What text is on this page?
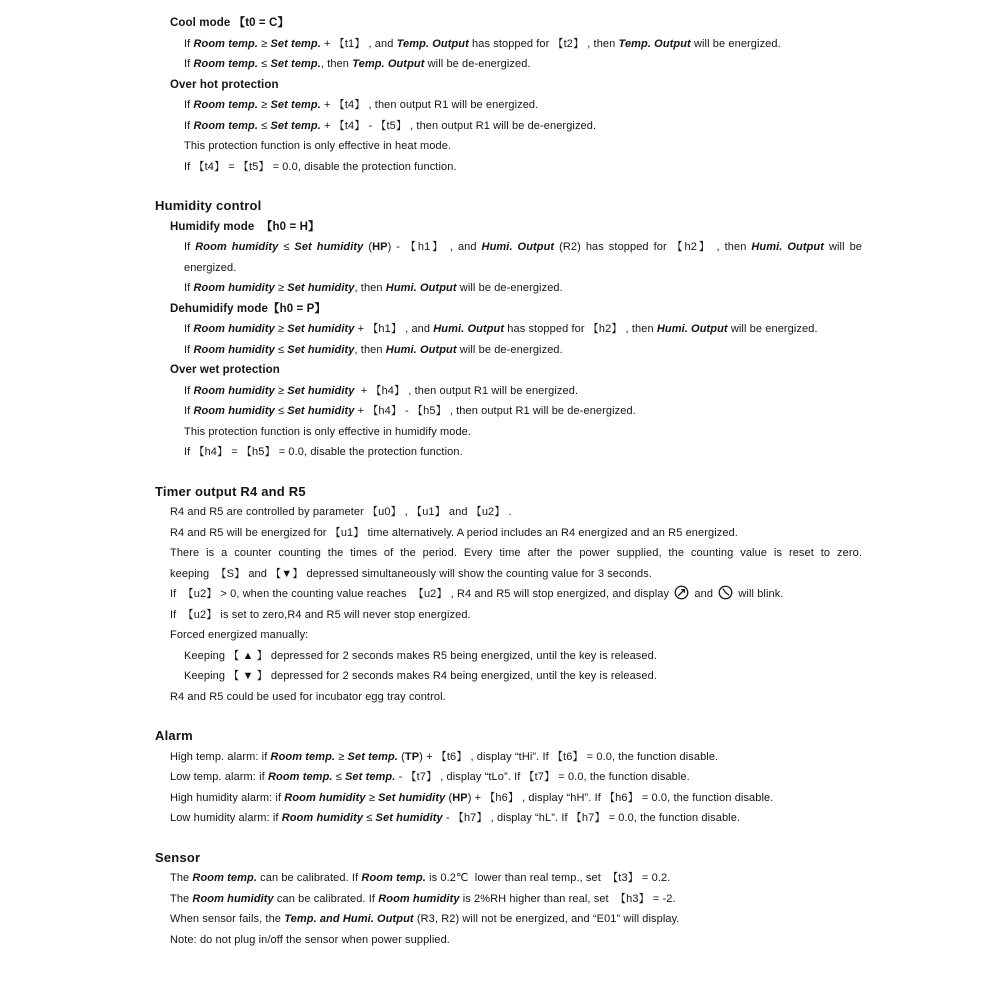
Cool mode 【t0 = C】
If Room temp. ≥ Set temp. + 【t1】 , and Temp. Output has stopped for 【t2】 , then Temp. Output will be energized.
If Room temp. ≤ Set temp., then Temp. Output will be de-energized.
Over hot protection
If Room temp. ≥ Set temp. + 【t4】 , then output R1 will be energized.
If Room temp. ≤ Set temp. + 【t4】 - 【t5】 , then output R1 will be de-energized.
This protection function is only effective in heat mode.
If 【t4】 = 【t5】 = 0.0, disable the protection function.
Humidity control
Humidify mode  【h0 = H】
If Room humidity ≤ Set humidity (HP) - 【h1】 , and Humi. Output (R2) has stopped for 【h2】 , then Humi. Output will be
energized.
If Room humidity ≥ Set humidity, then Humi. Output will be de-energized.
Dehumidify mode【h0 = P】
If Room humidity ≥ Set humidity + 【h1】 , and Humi. Output has stopped for 【h2】 , then Humi. Output will be energized.
If Room humidity ≤ Set humidity, then Humi. Output will be de-energized.
Over wet protection
If Room humidity ≥ Set humidity  + 【h4】 , then output R1 will be energized.
If Room humidity ≤ Set humidity + 【h4】 - 【h5】 , then output R1 will be de-energized.
This protection function is only effective in humidify mode.
If 【h4】 = 【h5】 = 0.0, disable the protection function.
Timer output R4 and R5
R4 and R5 are controlled by parameter 【u0】 , 【u1】 and 【u2】 .
R4 and R5 will be energized for 【u1】 time alternatively. A period includes an R4 energized and an R5 energized.
There is a counter counting the times of the period. Every time after the power supplied, the counting value is reset to zero.
keeping  【S】 and 【▼】 depressed simultaneously will show the counting value for 3 seconds.
If  【u2】 > 0, when the counting value reaches  【u2】 , R4 and R5 will stop energized, and display
and
will blink.
If  【u2】 is set to zero,R4 and R5 will never stop energized.
Forced energized manually:
Keeping 【 ▲ 】 depressed for 2 seconds makes R5 being energized, until the key is released.
Keeping 【 ▼ 】 depressed for 2 seconds makes R4 being energized, until the key is released.
R4 and R5 could be used for incubator egg tray control.
Alarm
High temp. alarm: if Room temp. ≥ Set temp. (TP) + 【t6】 , display “tHi”. If 【t6】 = 0.0, the function disable.
Low temp. alarm: if Room temp. ≤ Set temp. - 【t7】 , display “tLo”. If 【t7】 = 0.0, the function disable.
High humidity alarm: if Room humidity ≥ Set humidity (HP) + 【h6】 , display “hH”. If 【h6】 = 0.0, the function disable.
Low humidity alarm: if Room humidity ≤ Set humidity - 【h7】 , display “hL”. If 【h7】 = 0.0, the function disable.
Sensor
The Room temp. can be calibrated. If Room temp. is 0.2℃  lower than real temp., set  【t3】 = 0.2.
The Room humidity can be calibrated. If Room humidity is 2%RH higher than real, set  【h3】 = -2.
When sensor fails, the Temp. and Humi. Output (R3, R2) will not be energized, and “E01” will display.
Note: do not plug in/off the sensor when power supplied.
